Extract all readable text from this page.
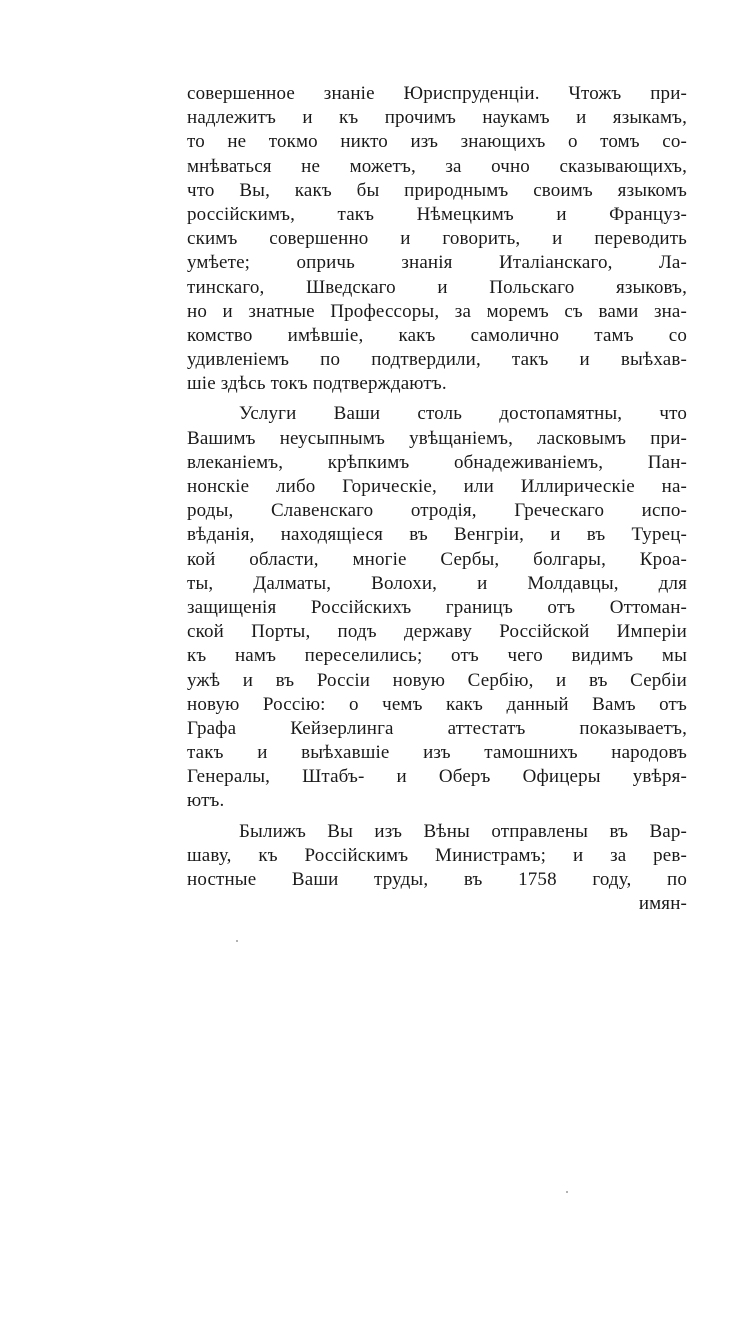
совершенное знаніе Юриспруденціи. Чтожъ при-
надлежитъ и къ прочимъ наукамъ и языкамъ,
то не токмо никто изъ знающихъ о томъ со-
мнѣваться не можетъ, за очно сказывающихъ,
что Вы, какъ бы природнымъ своимъ языкомъ
россійскимъ, такъ Нѣмецкимъ и Француз-
скимъ совершенно и говорить, и переводить
умѣете; опричь знанія Италіанскаго, Ла-
тинскаго, Шведскаго и Польскаго языковъ,
но и знатные Профессоры, за моремъ съ вами зна-
комство имѣвшіе, какъ самолично тамъ со
удивленіемъ по подтвердили, такъ и выѣхав-
шіе здѣсь токъ подтверждаютъ.
Услуги Ваши столь достопамятны, что
Вашимъ неусыпнымъ увѣщаніемъ, ласковымъ при-
влеканіемъ, крѣпкимъ обнадеживаніемъ, Пан-
нонскіе либо Горическіе, или Иллирическіе на-
роды, Славенскаго отродія, Греческаго испо-
вѣданія, находящіеся въ Венгріи, и въ Турец-
кой области, многіе Сербы, болгары, Кроа-
ты, Далматы, Волохи, и Молдавцы, для
защищенія Россійскихъ границъ отъ Оттоман-
ской Порты, подъ державу Россійской Имперіи
къ намъ переселились; отъ чего видимъ мы
ужѣ и въ Россіи новую Сербію, и въ Сербіи
новую Россію: о чемъ какъ данный Вамъ отъ
Графа Кейзерлинга аттестатъ показываетъ,
такъ и выѣхавшіе изъ тамошнихъ народовъ
Генералы, Штабъ- и Оберъ Офицеры увѣря-
ютъ.
Былижъ Вы изъ Вѣны отправлены въ Вар-
шаву, къ Россійскимъ Министрамъ; и за рев-
ностные Ваши труды, въ 1758 году, по
имян-
